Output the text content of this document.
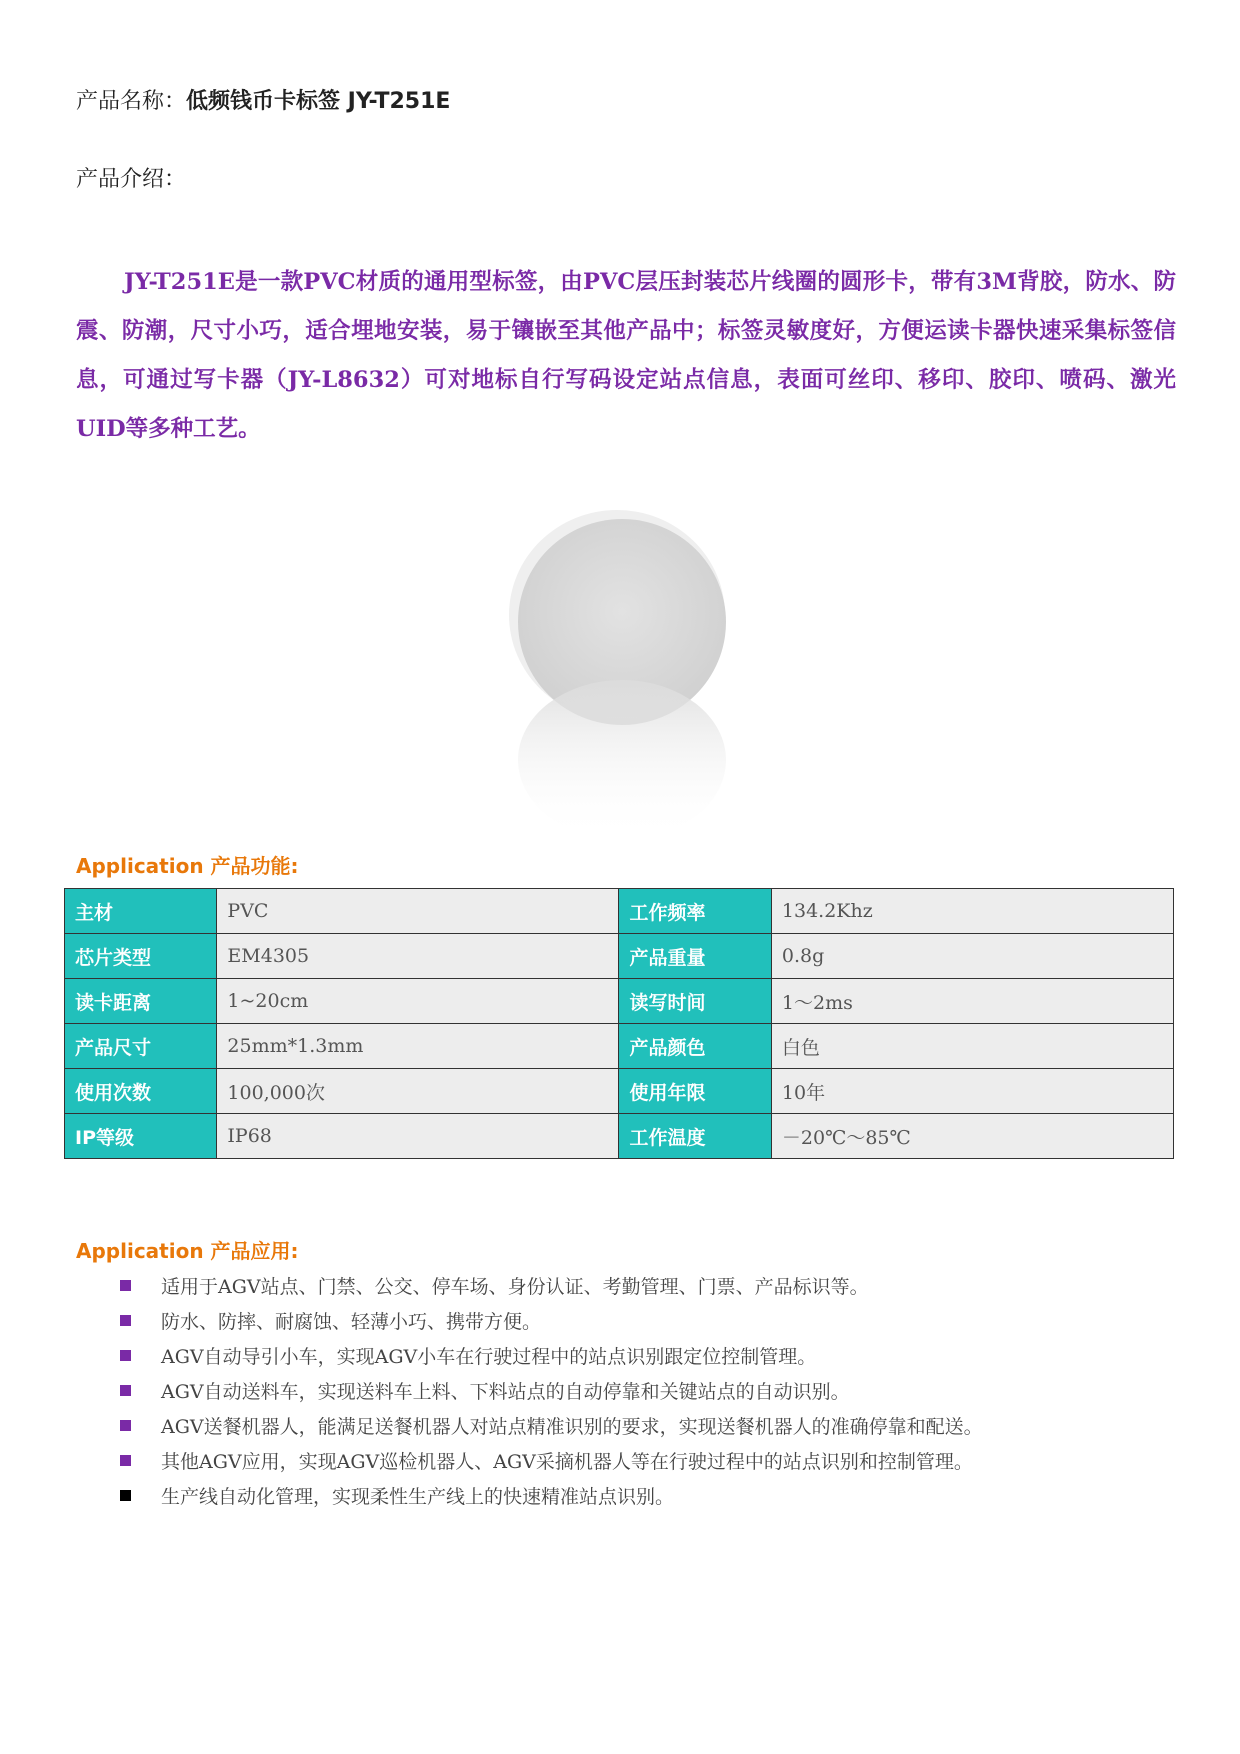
产品名称：低频钱币卡标签 JY-T251E
产品介绍：
JY-T251E是一款PVC材质的通用型标签，由PVC层压封装芯片线圈的圆形卡，带有3M背胶，防水、防震、防潮，尺寸小巧，适合埋地安装，易于镶嵌至其他产品中；标签灵敏度好，方便运读卡器快速采集标签信息，可通过写卡器（JY-L8632）可对地标自行写码设定站点信息，表面可丝印、移印、胶印、喷码、激光UID等多种工艺。
Application 产品功能:
主材	PVC	工作频率	134.2Khz
芯片类型	EM4305	产品重量	0.8g
读卡距离	1~20cm	读写时间	1～2ms
产品尺寸	25mm*1.3mm	产品颜色	白色
使用次数	100,000次	使用年限	10年
IP等级	IP68	工作温度	－20℃～85℃
Application 产品应用:
适用于AGV站点、门禁、公交、停车场、身份认证、考勤管理、门票、产品标识等。
防水、防摔、耐腐蚀、轻薄小巧、携带方便。
AGV自动导引小车，实现AGV小车在行驶过程中的站点识别跟定位控制管理。
AGV自动送料车，实现送料车上料、下料站点的自动停靠和关键站点的自动识别。
AGV送餐机器人，能满足送餐机器人对站点精准识别的要求，实现送餐机器人的准确停靠和配送。
其他AGV应用，实现AGV巡检机器人、AGV采摘机器人等在行驶过程中的站点识别和控制管理。
生产线自动化管理，实现柔性生产线上的快速精准站点识别。
